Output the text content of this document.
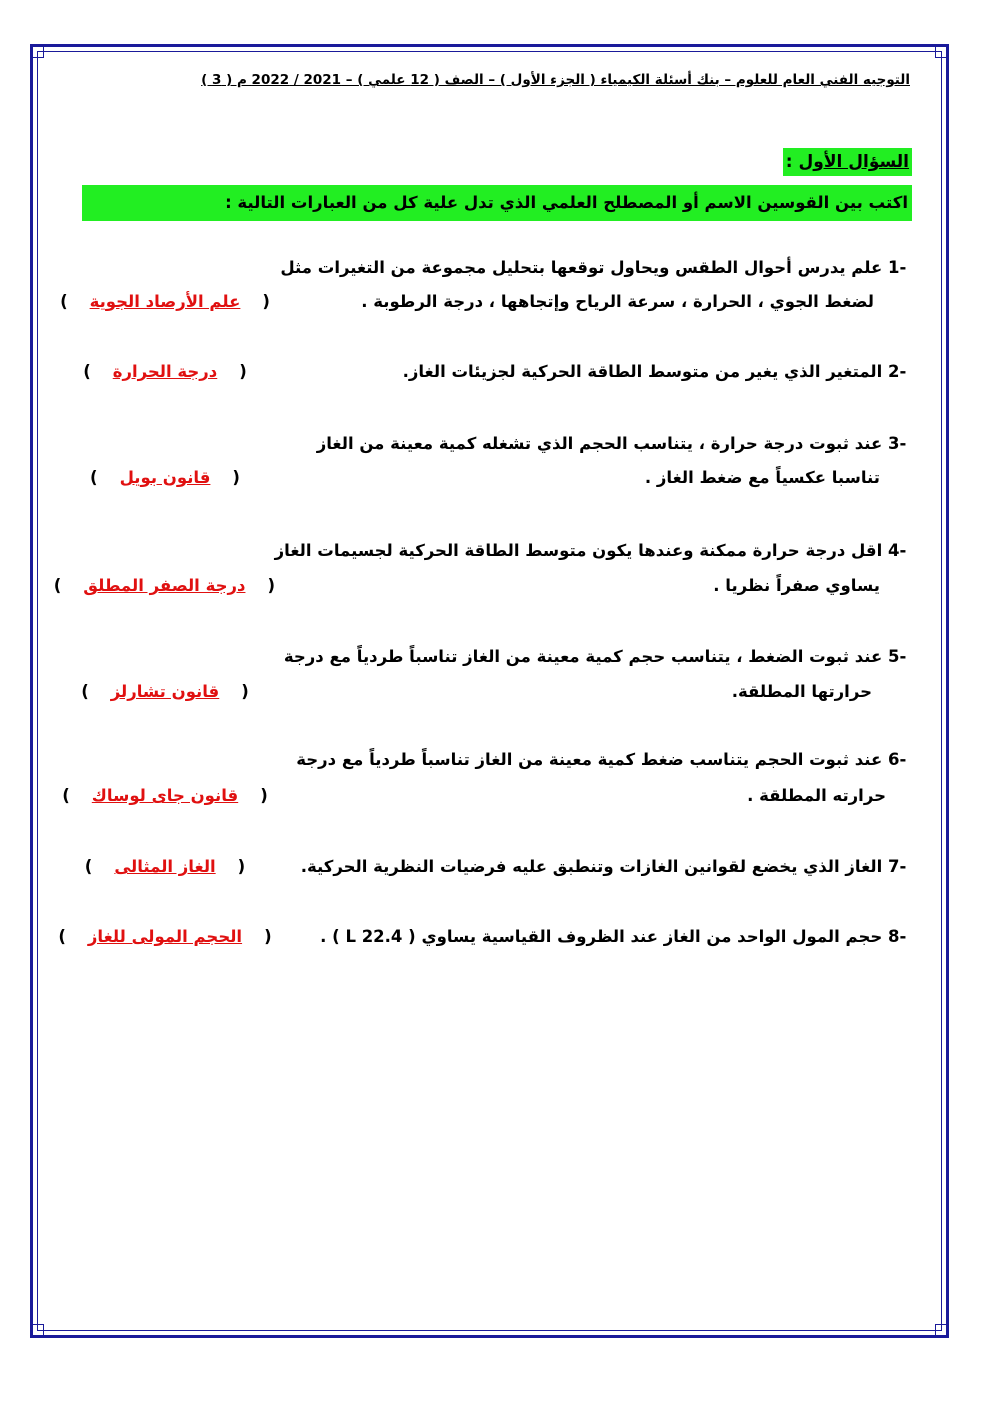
التوجيه الفني العام للعلوم – بنك أسئلة الكيمياء ( الجزء الأول ) – الصف ( 12 علمي ) – 2021 / 2022 م ( 3 )
السؤال الأول :
اكتب بين القوسين الاسم أو المصطلح العلمي الذي تدل علية كل من العبارات التالية :
-1 علم يدرس أحوال الطقس ويحاول توقعها بتحليل مجموعة من التغيرات مثل
لضغط الجوي ، الحرارة ، سرعة الرياح وإتجاهها ، درجة الرطوبة .
(علم الأرصاد الجوية)
-2 المتغير الذي يغير من متوسط الطاقة الحركية لجزيئات الغاز.
(درجة الحرارة)
-3 عند ثبوت درجة حرارة ، يتناسب الحجم الذي تشغله كمية معينة من الغاز
تناسبا عكسياً مع ضغط الغاز .
(قانون بويل)
-4 اقل درجة حرارة ممكنة وعندها يكون متوسط الطاقة الحركية لجسيمات الغاز
يساوي صفراً نظريا .
(درجة الصفر المطلق)
-5 عند ثبوت الضغط ، يتناسب حجم كمية معينة من الغاز تناسباً طردياً مع درجة
حرارتها المطلقة.
(قانون تشارلز)
-6 عند ثبوت الحجم يتناسب ضغط كمية معينة من الغاز تناسباً طردياً مع درجة
حرارته المطلقة .
(قانون جاى لوساك)
-7 الغاز الذي يخضع لقوانين الغازات وتنطبق عليه فرضيات النظرية الحركية.
(الغاز المثالى)
-8 حجم المول الواحد من الغاز عند الظروف القياسية يساوي ( 22.4 L ) .
(الحجم المولى للغاز)
